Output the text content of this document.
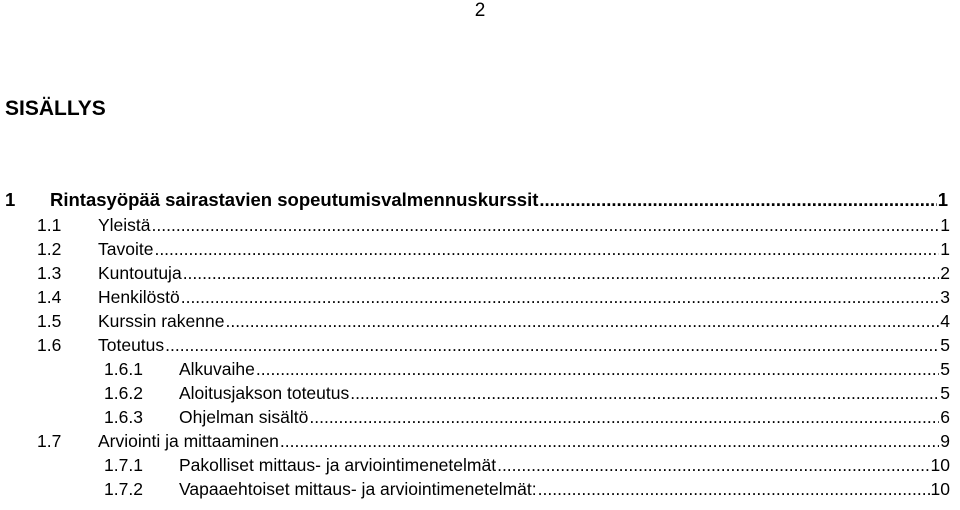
2
SISÄLLYS
1	Rintasyöpää sairastavien sopeutumisvalmennuskurssit .....	1
1.1	Yleistä .....	1
1.2	Tavoite .....	1
1.3	Kuntoutuja .....	2
1.4	Henkilöstö .....	3
1.5	Kurssin rakenne .....	4
1.6	Toteutus .....	5
1.6.1	Alkuvaihe .....	5
1.6.2	Aloitusjakson toteutus .....	5
1.6.3	Ohjelman sisältö .....	6
1.7	Arviointi ja mittaaminen .....	9
1.7.1	Pakolliset mittaus- ja arviointimenetelmät .....	10
1.7.2	Vapaaehtoiset mittaus- ja arviointimenetelmät: .....	10
